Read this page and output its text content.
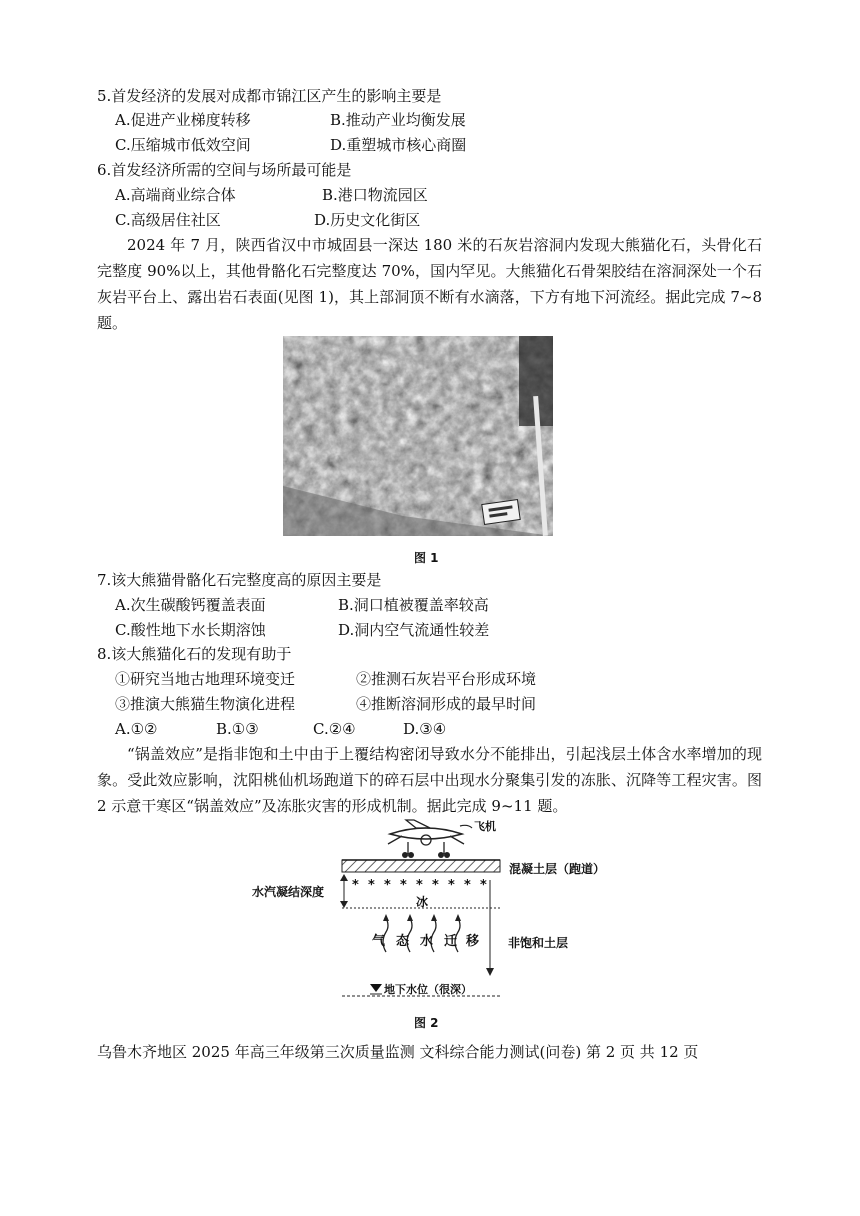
5.首发经济的发展对成都市锦江区产生的影响主要是
A.促进产业梯度转移	B.推动产业均衡发展
C.压缩城市低效空间	D.重塑城市核心商圈
6.首发经济所需的空间与场所最可能是
A.高端商业综合体	B.港口物流园区
C.高级居住社区	D.历史文化街区
2024 年 7 月，陕西省汉中市城固县一深达 180 米的石灰岩溶洞内发现大熊猫化石，头骨化石完整度 90%以上，其他骨骼化石完整度达 70%，国内罕见。大熊猫化石骨架胶结在溶洞深处一个石灰岩平台上、露出岩石表面(见图 1)，其上部洞顶不断有水滴落，下方有地下河流经。据此完成 7~8 题。
图 1
7.该大熊猫骨骼化石完整度高的原因主要是
A.次生碳酸钙覆盖表面	B.洞口植被覆盖率较高
C.酸性地下水长期溶蚀	D.洞内空气流通性较差
8.该大熊猫化石的发现有助于
①研究当地古地理环境变迁	②推测石灰岩平台形成环境
③推演大熊猫生物演化进程	④推断溶洞形成的最早时间
A.①②	B.①③	C.②④	D.③④
“锅盖效应”是指非饱和土中由于上覆结构密闭导致水分不能排出，引起浅层土体含水率增加的现象。受此效应影响，沈阳桃仙机场跑道下的碎石层中出现水分聚集引发的冻胀、沉降等工程灾害。图 2 示意干寒区“锅盖效应”及冻胀灾害的形成机制。据此完成 9~11 题。
飞机
混凝土层（跑道）
* * * * * * * * *
冰
水汽凝结深度
气 态 水 迁 移 非饱和土层
地下水位（很深）
图 2
乌鲁木齐地区 2025 年高三年级第三次质量监测 文科综合能力测试(问卷) 第 2 页 共 12 页
